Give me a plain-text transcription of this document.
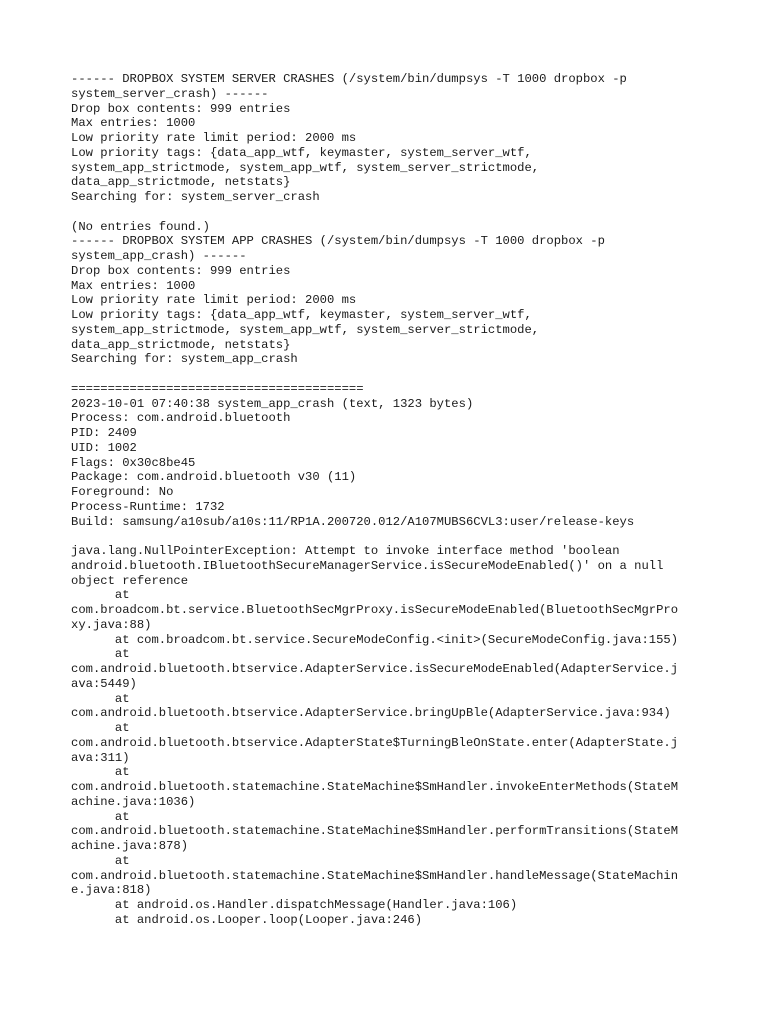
------ DROPBOX SYSTEM SERVER CRASHES (/system/bin/dumpsys -T 1000 dropbox -p
system_server_crash) ------
Drop box contents: 999 entries
Max entries: 1000
Low priority rate limit period: 2000 ms
Low priority tags: {data_app_wtf, keymaster, system_server_wtf,
system_app_strictmode, system_app_wtf, system_server_strictmode,
data_app_strictmode, netstats}
Searching for: system_server_crash
(No entries found.)
------ DROPBOX SYSTEM APP CRASHES (/system/bin/dumpsys -T 1000 dropbox -p
system_app_crash) ------
Drop box contents: 999 entries
Max entries: 1000
Low priority rate limit period: 2000 ms
Low priority tags: {data_app_wtf, keymaster, system_server_wtf,
system_app_strictmode, system_app_wtf, system_server_strictmode,
data_app_strictmode, netstats}
Searching for: system_app_crash
========================================
2023-10-01 07:40:38 system_app_crash (text, 1323 bytes)
Process: com.android.bluetooth
PID: 2409
UID: 1002
Flags: 0x30c8be45
Package: com.android.bluetooth v30 (11)
Foreground: No
Process-Runtime: 1732
Build: samsung/a10sub/a10s:11/RP1A.200720.012/A107MUBS6CVL3:user/release-keys
java.lang.NullPointerException: Attempt to invoke interface method 'boolean
android.bluetooth.IBluetoothSecureManagerService.isSecureModeEnabled()' on a null
object reference
at
com.broadcom.bt.service.BluetoothSecMgrProxy.isSecureModeEnabled(BluetoothSecMgrPro
xy.java:88)
at com.broadcom.bt.service.SecureModeConfig.<init>(SecureModeConfig.java:155)
at
com.android.bluetooth.btservice.AdapterService.isSecureModeEnabled(AdapterService.j
ava:5449)
at
com.android.bluetooth.btservice.AdapterService.bringUpBle(AdapterService.java:934)
at
com.android.bluetooth.btservice.AdapterState$TurningBleOnState.enter(AdapterState.j
ava:311)
at
com.android.bluetooth.statemachine.StateMachine$SmHandler.invokeEnterMethods(StateM
achine.java:1036)
at
com.android.bluetooth.statemachine.StateMachine$SmHandler.performTransitions(StateM
achine.java:878)
at
com.android.bluetooth.statemachine.StateMachine$SmHandler.handleMessage(StateMachin
e.java:818)
at android.os.Handler.dispatchMessage(Handler.java:106)
at android.os.Looper.loop(Looper.java:246)
